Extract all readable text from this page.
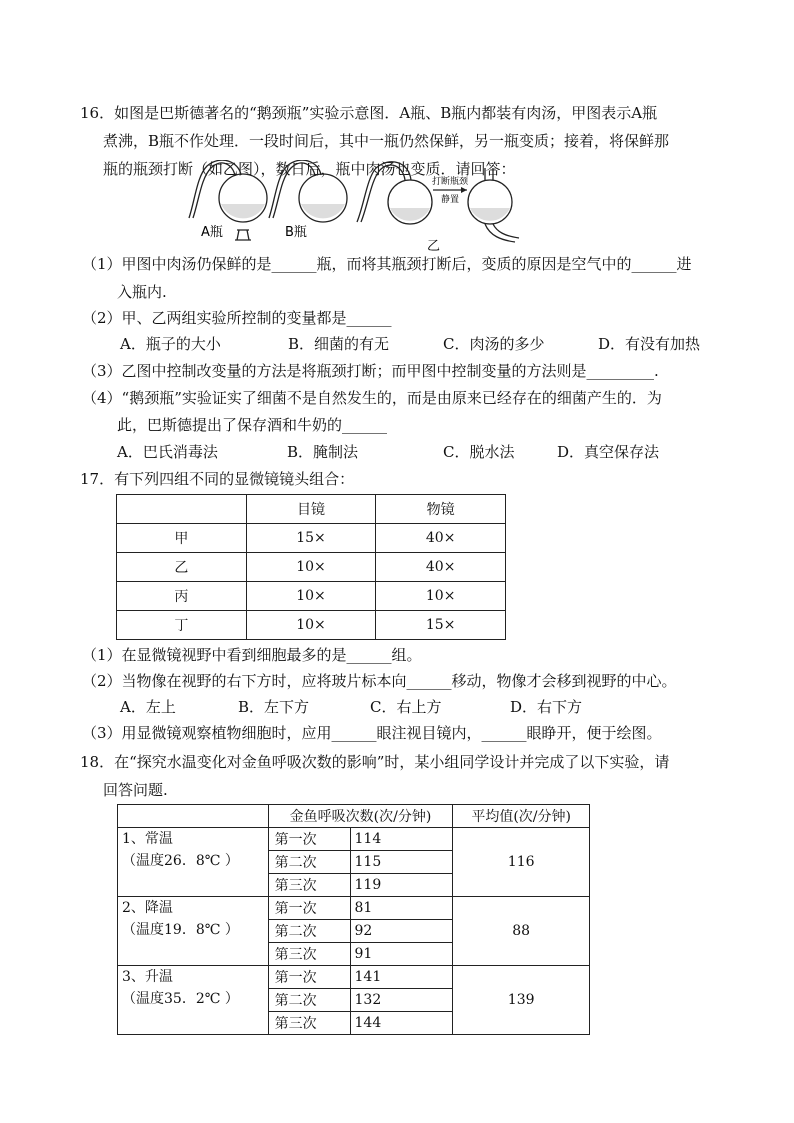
16．如图是巴斯德著名的“鹅颈瓶”实验示意图．A瓶、B瓶内都装有肉汤，甲图表示A瓶
煮沸，B瓶不作处理．一段时间后，其中一瓶仍然保鲜，另一瓶变质；接着，将保鲜那
瓶的瓶颈打断（如乙图），数日后，瓶中肉汤也变质．请回答：
打断瓶颈
静置
A瓶	B瓶
乙
（1）甲图中肉汤仍保鲜的是______瓶，而将其瓶颈打断后，变质的原因是空气中的______进
入瓶内.
（2）甲、乙两组实验所控制的变量都是______
A．瓶子的大小	B．细菌的有无	C．肉汤的多少	D．有没有加热
（3）乙图中控制改变量的方法是将瓶颈打断；而甲图中控制变量的方法则是_________.
（4）“鹅颈瓶”实验证实了细菌不是自然发生的，而是由原来已经存在的细菌产生的．为
此，巴斯德提出了保存酒和牛奶的______
A．巴氏消毒法	B．腌制法	C．脱水法	D．真空保存法
17．有下列四组不同的显微镜镜头组合：
	目镜	物镜
甲	15×	40×
乙	10×	40×
丙	10×	10×
丁	10×	15×
（1）在显微镜视野中看到细胞最多的是______组。
（2）当物像在视野的右下方时，应将玻片标本向______移动，物像才会移到视野的中心。
A．左上	B．左下方	C．右上方	D．右下方
（3）用显微镜观察植物细胞时，应用______眼注视目镜内，______眼睁开，便于绘图。
18．在“探究水温变化对金鱼呼吸次数的影响”时，某小组同学设计并完成了以下实验，请
回答问题.
	金鱼呼吸次数(次/分钟)		平均值(次/分钟)

1、常温
（温度26．8℃ ）	第一次	114	116
	第二次	115	
	第三次	119	

2、降温
（温度19．8℃ ）	第一次	81	88
	第二次	92	
	第三次	91	

3、升温
（温度35．2℃ ）	第一次	141	139
	第二次	132	
	第三次	144	
